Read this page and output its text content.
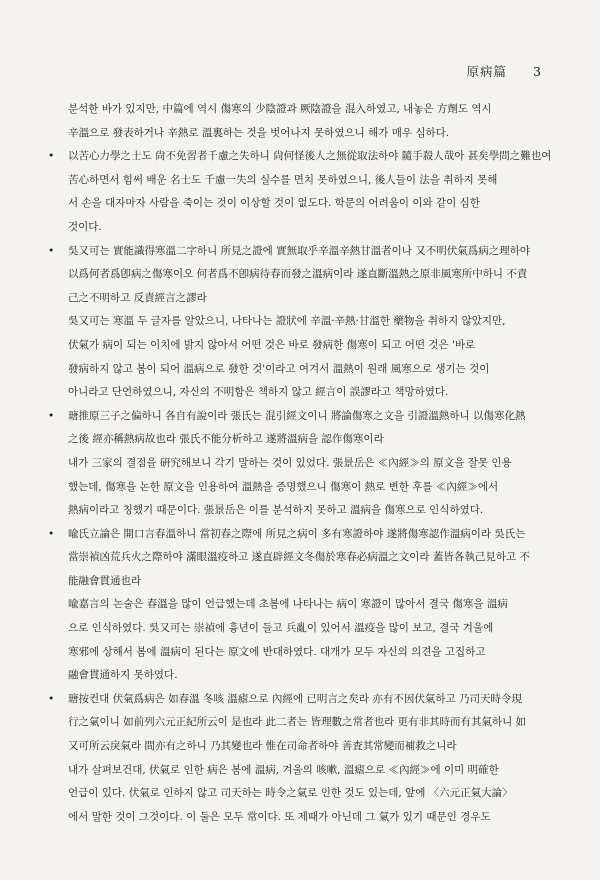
原病篇 3
분석한 바가 있지만, 中篇에 역시 傷寒의 少陰證과 厥陰證을 混入하였고, 내놓은 方劑도 역시
辛溫으로 發表하거나 辛熱로 溫裏하는 것을 벗어나지 못하였으니 해가 매우 심하다.
• 以苦心力學之士도 尙不免習者千慮之失하니 尙何怪後人之無從取法하야 隨手殺人哉아 甚矣學問之難也여
苦心하면서 힘써 배운 名士도 千慮一失의 실수를 면치 못하였으니, 後人들이 法을 취하지 못해
서 손을 대자마자 사람을 죽이는 것이 이상할 것이 없도다. 학문의 어려움이 이와 같이 심한
것이다.
• 吳又可는 實能識得寒溫二字하니 所見之證에 實無取乎辛溫辛熱甘溫者이나 又不明伏氣爲病之理하야
以爲何者爲卽病之傷寒이오 何者爲不卽病待春而發之溫病이라 遂直斷溫熱之原非風寒所中하니 不責
己之不明하고 反責經言之謬라
吳又可는 寒溫 두 글자를 알았으니, 나타나는 證狀에 辛溫·辛熱·甘溫한 藥物을 취하지 않았지만,
伏氣가 病이 되는 이치에 밝지 않아서 어떤 것은 바로 發病한 傷寒이 되고 어떤 것은 '바로
發病하지 않고 봄이 되어 溫病으로 發한 것'이라고 여겨서 溫熱이 원래 風寒으로 생기는 것이
아니라고 단언하였으니, 자신의 不明함은 책하지 않고 經言이 誤謬라고 책망하였다.
• 瑭推原三子之偏하니 各自有說이라 張氏는 混引經文이니 將論傷寒之文을 引證溫熱하니 以傷寒化熱
之後 經亦稱熱病故也라 張氏不能分析하고 遂將溫病을 認作傷寒이라
내가 三家의 결점을 硏究해보니 각기 말하는 것이 있었다. 張景岳은 ≪內經≫의 原文을 잘못 인용
했는데, 傷寒을 논한 原文을 인용하여 溫熱을 증명했으니 傷寒이 熱로 변한 후를 ≪內經≫에서
熱病이라고 칭했기 때문이다. 張景岳은 이를 분석하지 못하고 溫病을 傷寒으로 인식하였다.
• 喩氏立論은 開口言春溫하니 當初春之際에 所見之病이 多有寒證하야 遂將傷寒認作溫病이라 吳氏는
當崇禎凶荒兵火之際하야 滿眼溫疫하고 遂直辟經文冬傷於寒春必病溫之文이라 蓋皆各執己見하고 不
能融會貫通也라
喩嘉言의 논술은 春溫을 많이 언급했는데 초봄에 나타나는 病이 寒證이 많아서 결국 傷寒을 溫病
으로 인식하였다. 吳又可는 崇禎에 흉년이 들고 兵亂이 있어서 溫疫을 많이 보고, 결국 겨울에
寒邪에 상해서 봄에 溫病이 된다는 原文에 반대하였다. 대개가 모두 자신의 의견을 고집하고
融會貫通하지 못하였다.
• 瑭按컨대 伏氣爲病은 如春溫 冬咳 溫瘧으로 內經에 已明言之矣라 亦有不因伏氣하고 乃司天時令現
行之氣이니 如前列六元正紀所云이 是也라 此二者는 皆理數之常者也라 更有非其時而有其氣하니 如
又可所云戾氣라 間亦有之하니 乃其變也라 惟在司命者하야 善査其常變而補救之니라
내가 살펴보건대, 伏氣로 인한 病은 봄에 溫病, 겨울의 咳嗽, 溫瘧으로 ≪內經≫에 이미 明確한
언급이 있다. 伏氣로 인하지 않고 司天하는 時令之氣로 인한 것도 있는데, 앞에 〈六元正氣大論〉
에서 말한 것이 그것이다. 이 둘은 모두 常이다. 또 제때가 아닌데 그 氣가 있기 때문인 경우도
